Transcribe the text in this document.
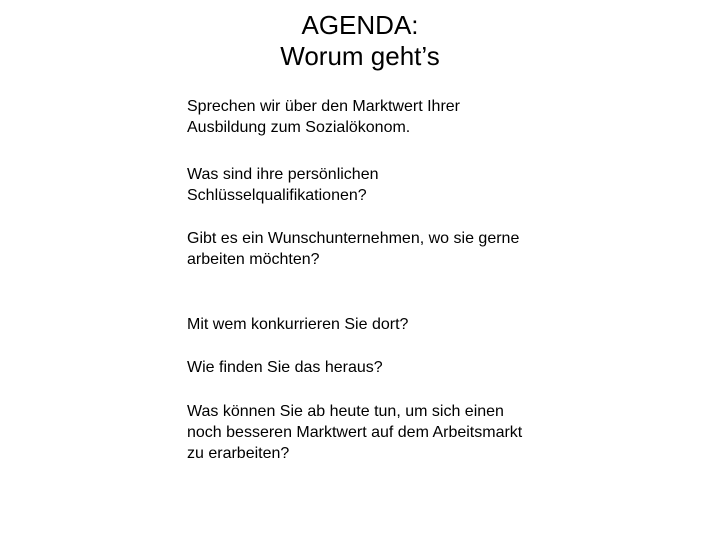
AGENDA:
Worum geht’s
Sprechen wir über den Marktwert Ihrer
Ausbildung zum Sozialökonom.
Was sind ihre persönlichen
Schlüsselqualifikationen?
Gibt es ein Wunschunternehmen, wo sie gerne
arbeiten möchten?
Mit wem konkurrieren Sie dort?
Wie finden Sie das heraus?
Was können Sie ab heute tun, um sich einen
noch besseren Marktwert auf dem Arbeitsmarkt
zu erarbeiten?
